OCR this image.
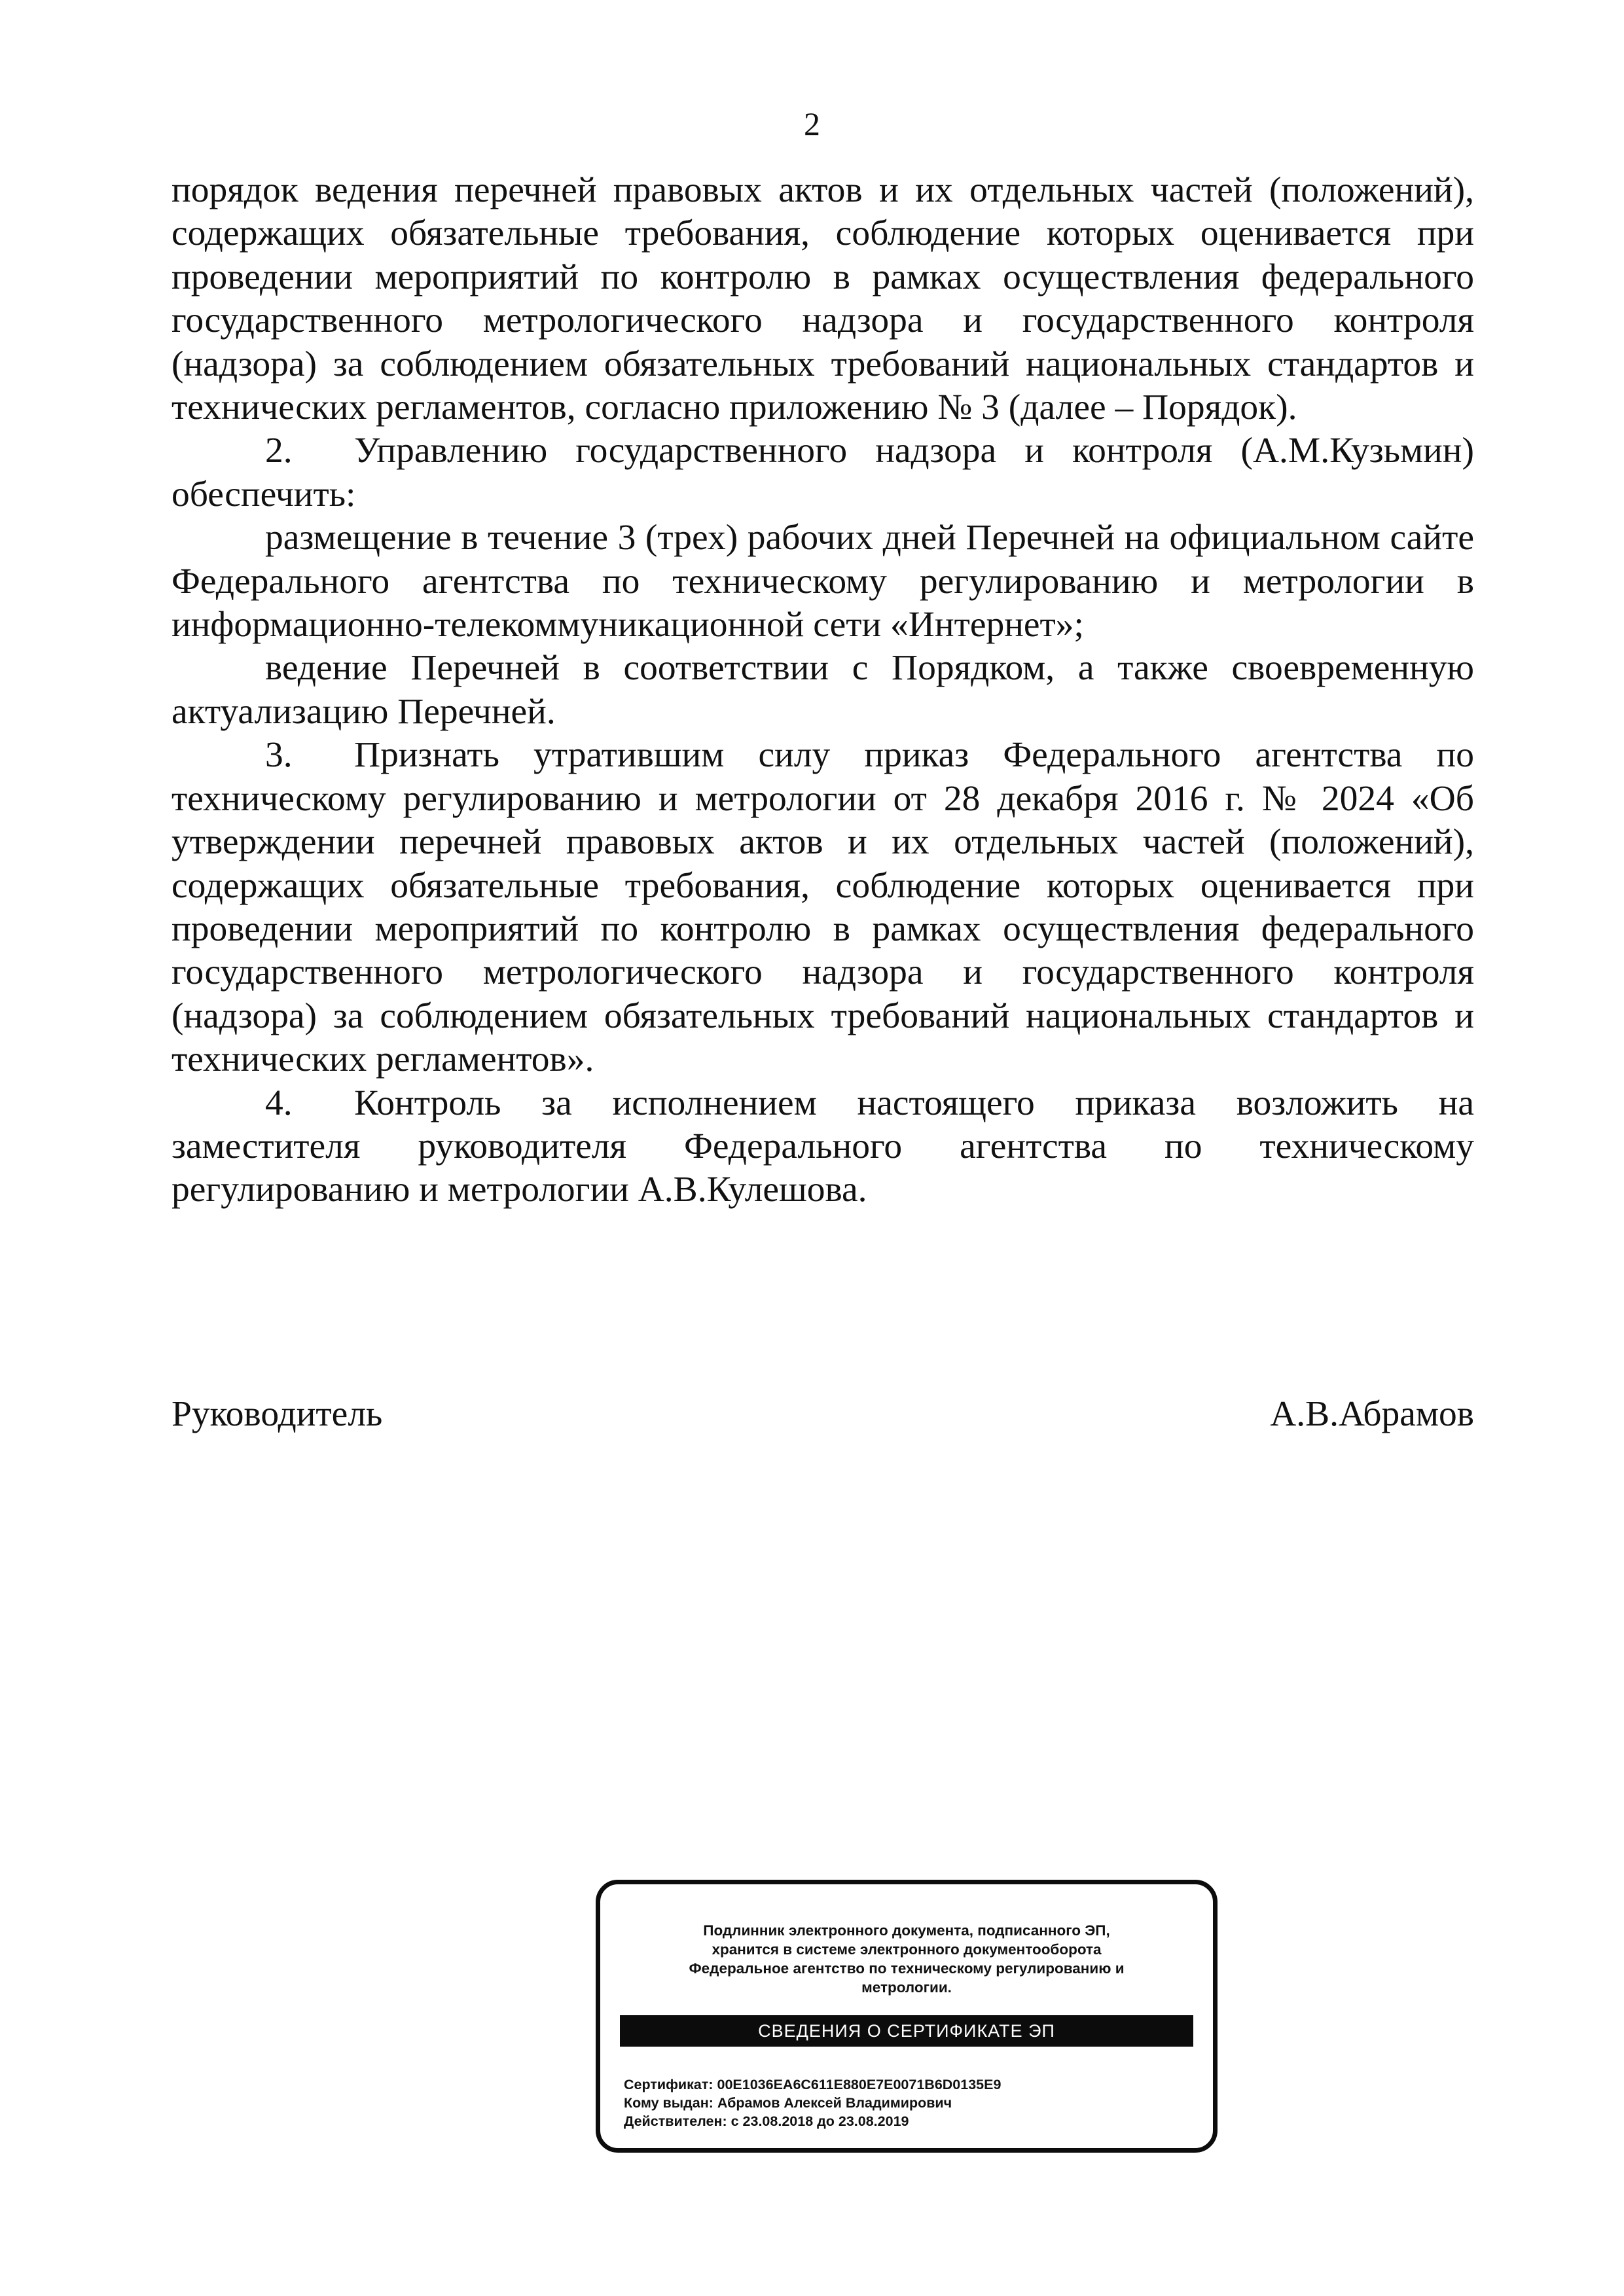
2

порядок ведения перечней правовых актов и их отдельных частей (положений), содержащих обязательные требования, соблюдение которых оценивается при проведении мероприятий по контролю в рамках осуществления федерального государственного метрологического надзора и государственного контроля (надзора) за соблюдением обязательных требований национальных стандартов и технических регламентов, согласно приложению № 3 (далее – Порядок).

2. Управлению государственного надзора и контроля (А.М.Кузьмин) обеспечить:

размещение в течение 3 (трех) рабочих дней Перечней на официальном сайте Федерального агентства по техническому регулированию и метрологии в информационно-телекоммуникационной сети «Интернет»;

ведение Перечней в соответствии с Порядком, а также своевременную актуализацию Перечней.

3. Признать утратившим силу приказ Федерального агентства по техническому регулированию и метрологии от 28 декабря 2016 г. № 2024 «Об утверждении перечней правовых актов и их отдельных частей (положений), содержащих обязательные требования, соблюдение которых оценивается при проведении мероприятий по контролю в рамках осуществления федерального государственного метрологического надзора и государственного контроля (надзора) за соблюдением обязательных требований национальных стандартов и технических регламентов».

4. Контроль за исполнением настоящего приказа возложить на заместителя руководителя Федерального агентства по техническому регулированию и метрологии А.В.Кулешова.

Руководитель	А.В.Абрамов
Подлинник электронного документа, подписанного ЭП,
хранится в системе электронного документооборота
Федеральное агентство по техническому регулированию и
метрологии.
СВЕДЕНИЯ О СЕРТИФИКАТЕ ЭП
Сертификат: 00E1036EA6C611E880E7E0071B6D0135E9
Кому выдан: Абрамов Алексей Владимирович
Действителен: с 23.08.2018 до 23.08.2019
